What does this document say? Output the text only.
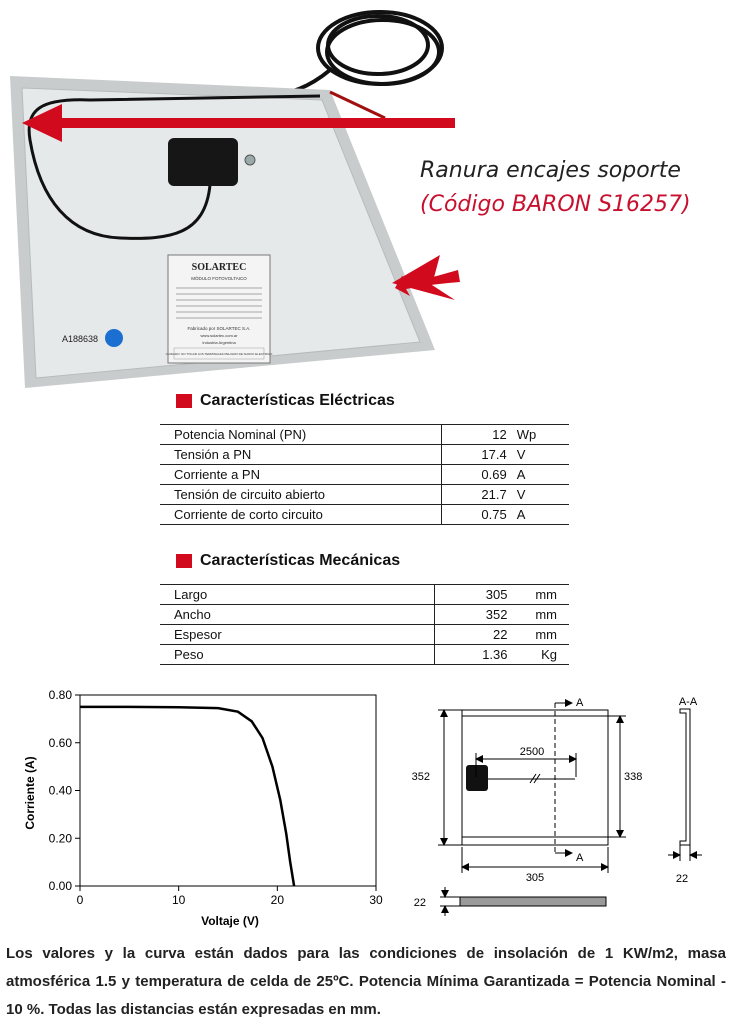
SOLARTEC
MÓDULO FOTOVOLTAICO
Fabricado por SOLARTEC S.A.
www.solartec.com.ar
Industria Argentina
CUIDADO: NO TOCAR LOS TERMINALES PELIGRO DE SHOCK ELECTRICO
A188638
Ranura encajes soporte
(Código BARON S16257)
Características Eléctricas
Potencia Nominal (PN)	12	Wp
Tensión a PN	17.4	V
Corriente a PN	0.69	A
Tensión de circuito abierto	21.7	V
Corriente de corto circuito	0.75	A
Características Mecánicas
Largo	305	mm
Ancho	352	mm
Espesor	22	mm
Peso	1.36	Kg
0	10	20	30
0.00
0.20
0.40
0.60
0.80
Voltaje (V)
Corriente (A)
A
A
2500
352	338
305
22
A-A
22
Los valores y la curva están dados para las condiciones de insolación de 1 KW/m2, masa atmosférica 1.5 y temperatura de celda de 25ºC. Potencia Mínima Garantizada = Potencia Nominal - 10 %. Todas las distancias están expresadas en mm.
